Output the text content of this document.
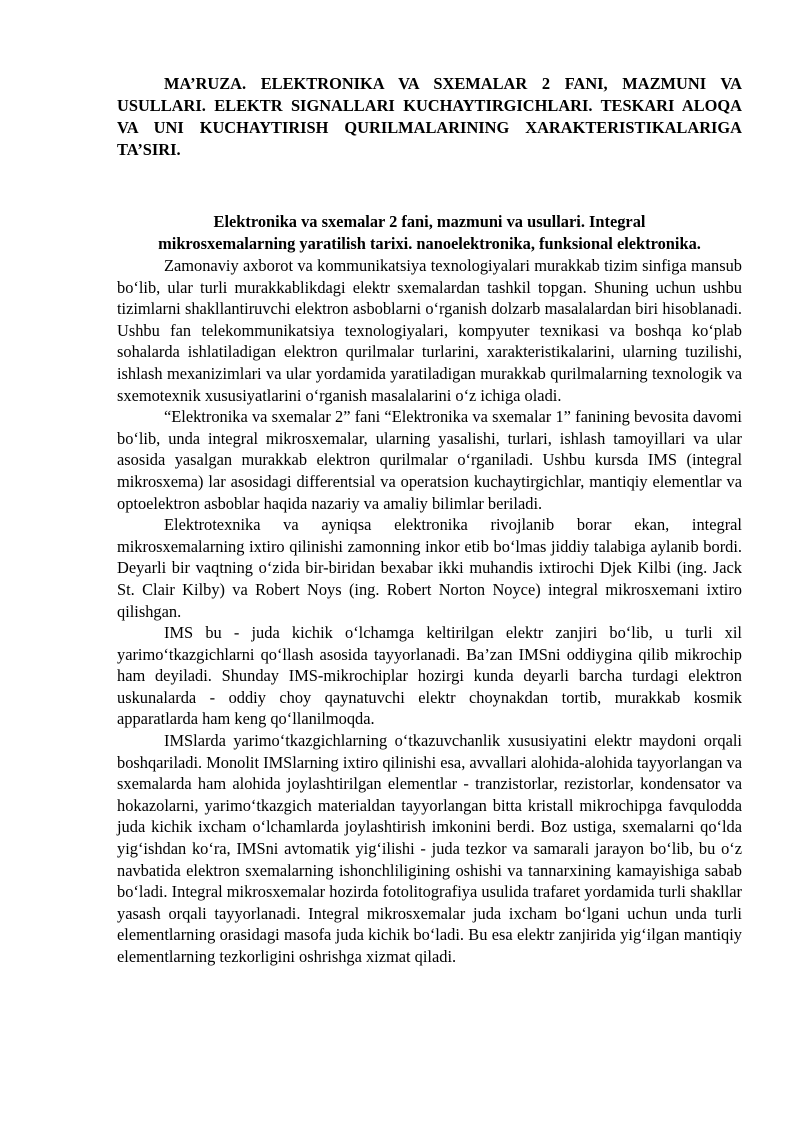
MA’RUZA. ELEKTRONIKA VA SXEMALAR 2 FANI, MAZMUNI VA USULLARI. ELEKTR SIGNALLARI KUCHAYTIRGICHLARI. TESKARI ALOQA VA UNI KUCHAYTIRISH QURILMALARINING XARAKTERISTIKALARIGA TA’SIRI.

Elektronika va sxemalar 2 fani, mazmuni va usullari. Integral
mikrosxemalarning yaratilish tarixi. nanoelektronika, funksional elektronika.

Zamonaviy axborot va kommunikatsiya texnologiyalari murakkab tizim sinfiga mansub bo‘lib, ular turli murakkablikdagi elektr sxemalardan tashkil topgan. Shuning uchun ushbu tizimlarni shakllantiruvchi elektron asboblarni o‘rganish dolzarb masalalardan biri hisoblanadi. Ushbu fan telekommunikatsiya texnologiyalari, kompyuter texnikasi va boshqa ko‘plab sohalarda ishlatiladigan elektron qurilmalar turlarini, xarakteristikalarini, ularning tuzilishi, ishlash mexanizimlari va ular yordamida yaratiladigan murakkab qurilmalarning texnologik va sxemotexnik xususiyatlarini o‘rganish masalalarini o‘z ichiga oladi.

“Elektronika va sxemalar 2” fani “Elektronika va sxemalar 1” fanining bevosita davomi bo‘lib, unda integral mikrosxemalar, ularning yasalishi, turlari, ishlash tamoyillari va ular asosida yasalgan murakkab elektron qurilmalar o‘rganiladi. Ushbu kursda IMS (integral mikrosxema) lar asosidagi differentsial va operatsion kuchaytirgichlar, mantiqiy elementlar va optoelektron asboblar haqida nazariy va amaliy bilimlar beriladi.

Elektrotexnika va ayniqsa elektronika rivojlanib borar ekan, integral mikrosxemalarning ixtiro qilinishi zamonning inkor etib bo‘lmas jiddiy talabiga aylanib bordi. Deyarli bir vaqtning o‘zida bir-biridan bexabar ikki muhandis ixtirochi Djek Kilbi (ing. Jack St. Clair Kilby) va Robert Noys (ing. Robert Norton Noyce) integral mikrosxemani ixtiro qilishgan.

IMS bu - juda kichik o‘lchamga keltirilgan elektr zanjiri bo‘lib, u turli xil yarimo‘tkazgichlarni qo‘llash asosida tayyorlanadi. Ba’zan IMSni oddiygina qilib mikrochip ham deyiladi. Shunday IMS-mikrochiplar hozirgi kunda deyarli barcha turdagi elektron uskunalarda - oddiy choy qaynatuvchi elektr choynakdan tortib, murakkab kosmik apparatlarda ham keng qo‘llanilmoqda.

IMSlarda yarimo‘tkazgichlarning o‘tkazuvchanlik xususiyatini elektr maydoni orqali boshqariladi. Monolit IMSlarning ixtiro qilinishi esa, avvallari alohida-alohida tayyorlangan va sxemalarda ham alohida joylashtirilgan elementlar - tranzistorlar, rezistorlar, kondensator va hokazolarni, yarimo‘tkazgich materialdan tayyorlangan bitta kristall mikrochipga favqulodda juda kichik ixcham o‘lchamlarda joylashtirish imkonini berdi. Boz ustiga, sxemalarni qo‘lda yig‘ishdan ko‘ra, IMSni avtomatik yig‘ilishi - juda tezkor va samarali jarayon bo‘lib, bu o‘z navbatida elektron sxemalarning ishonchliligining oshishi va tannarxining kamayishiga sabab bo‘ladi. Integral mikrosxemalar hozirda fotolitografiya usulida trafaret yordamida turli shakllar yasash orqali tayyorlanadi. Integral mikrosxemalar juda ixcham bo‘lgani uchun unda turli elementlarning orasidagi masofa juda kichik bo‘ladi. Bu esa elektr zanjirida yig‘ilgan mantiqiy elementlarning tezkorligini oshrishga xizmat qiladi.
